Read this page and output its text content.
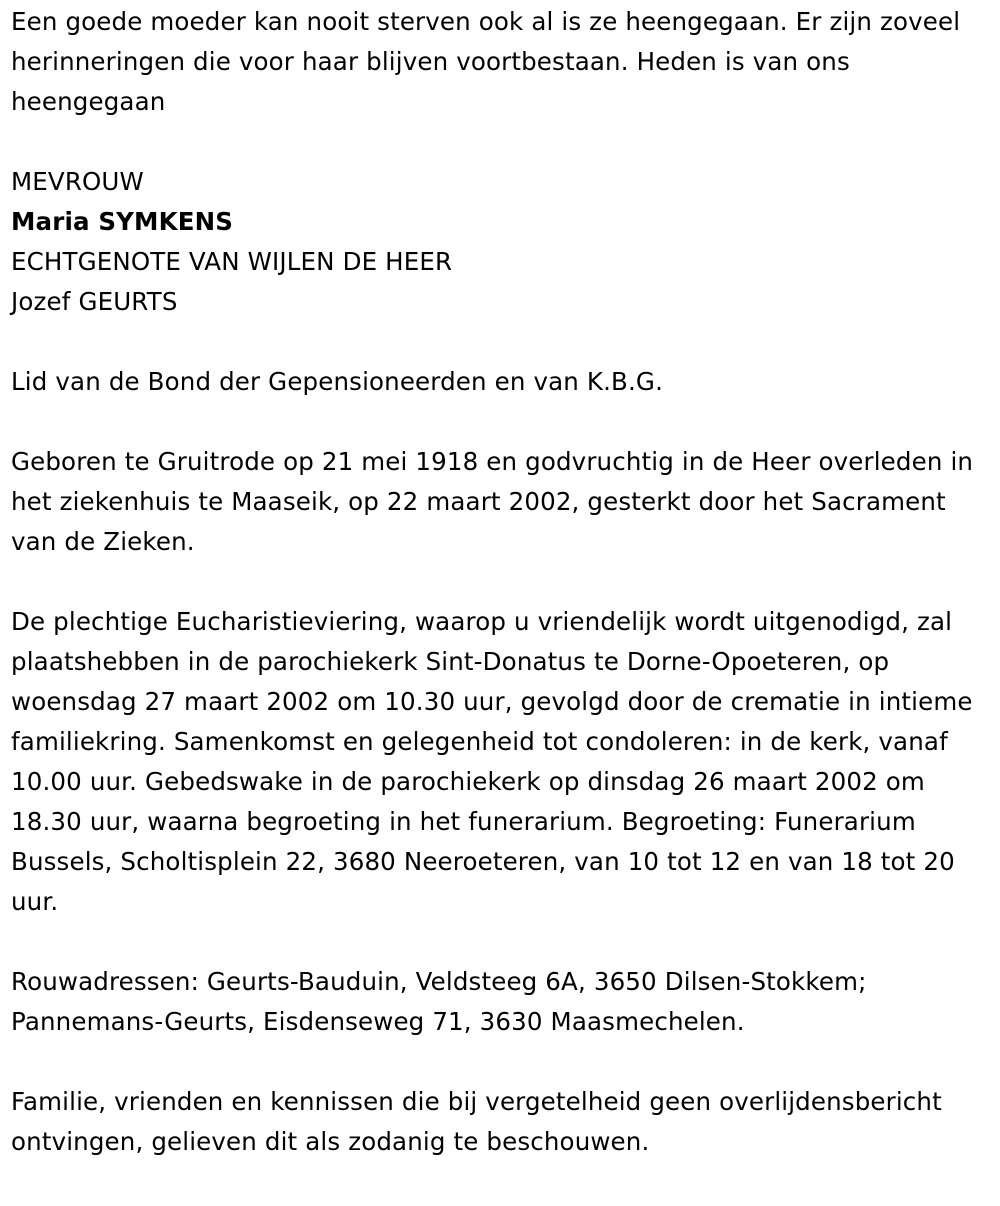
Een goede moeder kan nooit sterven ook al is ze heengegaan. Er zijn zoveel herinneringen die voor haar blijven voortbestaan. Heden is van ons heengegaan

MEVROUW

Maria SYMKENS

ECHTGENOTE VAN WIJLEN DE HEER

Jozef GEURTS

Lid van de Bond der Gepensioneerden en van K.B.G.

Geboren te Gruitrode op 21 mei 1918 en godvruchtig in de Heer overleden in het ziekenhuis te Maaseik, op 22 maart 2002, gesterkt door het Sacrament van de Zieken.

De plechtige Eucharistieviering, waarop u vriendelijk wordt uitgenodigd, zal plaatshebben in de parochiekerk Sint-Donatus te Dorne-Opoeteren, op woensdag 27 maart 2002 om 10.30 uur, gevolgd door de crematie in intieme familiekring. Samenkomst en gelegenheid tot condoleren: in de kerk, vanaf 10.00 uur. Gebedswake in de parochiekerk op dinsdag 26 maart 2002 om 18.30 uur, waarna begroeting in het funerarium. Begroeting: Funerarium Bussels, Scholtisplein 22, 3680 Neeroeteren, van 10 tot 12 en van 18 tot 20 uur.

Rouwadressen: Geurts-Bauduin, Veldsteeg 6A, 3650 Dilsen-Stokkem; Pannemans-Geurts, Eisdenseweg 71, 3630 Maasmechelen.

Familie, vrienden en kennissen die bij vergetelheid geen overlijdensbericht ontvingen, gelieven dit als zodanig te beschouwen.
